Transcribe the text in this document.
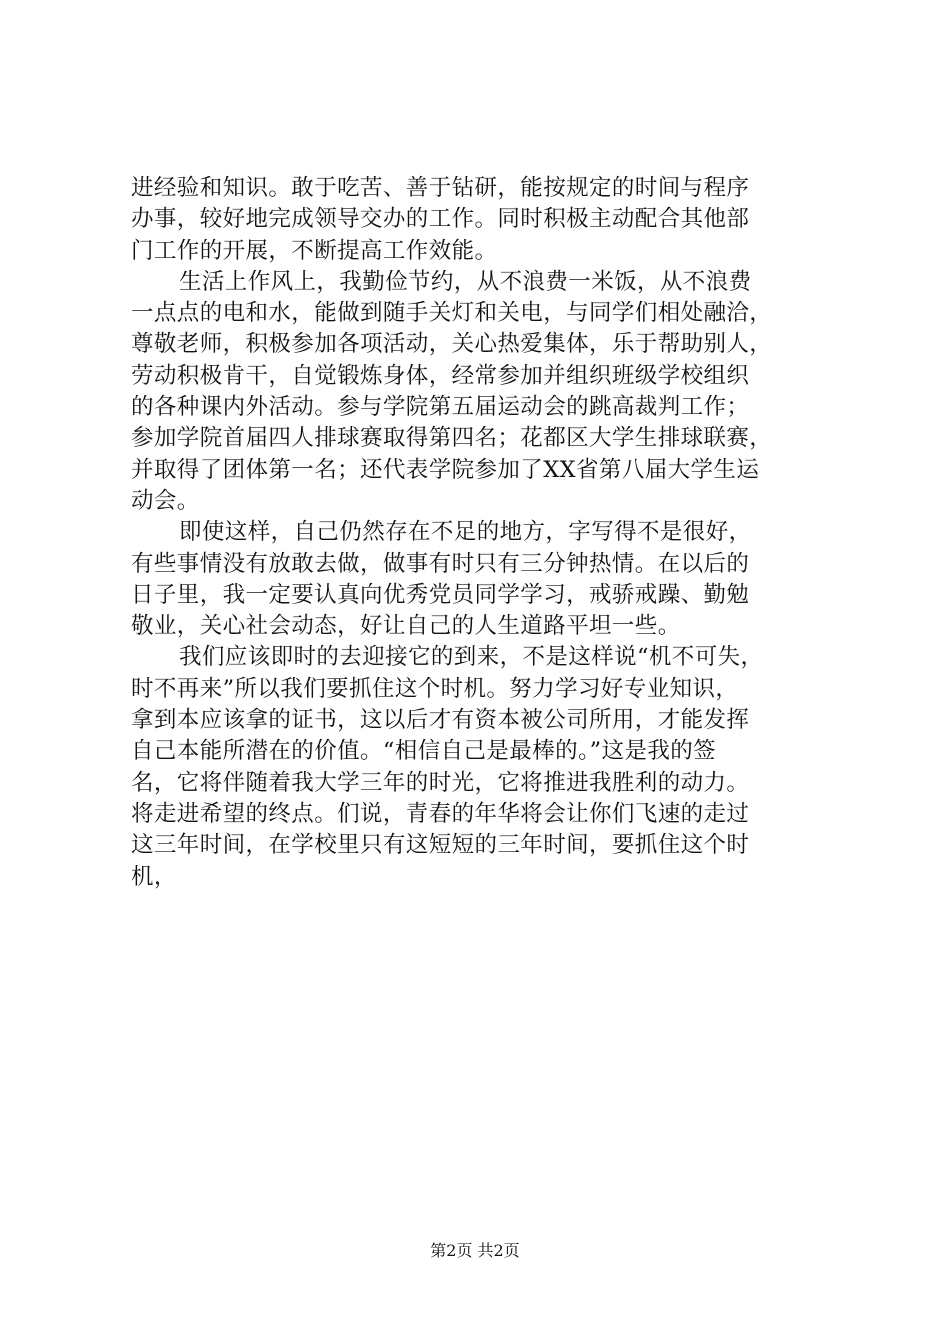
进经验和知识。敢于吃苦、善于钻研，能按规定的时间与程序
办事，较好地完成领导交办的工作。同时积极主动配合其他部
门工作的开展，不断提高工作效能。
生活上作风上，我勤俭节约，从不浪费一米饭，从不浪费
一点点的电和水，能做到随手关灯和关电，与同学们相处融洽，
尊敬老师，积极参加各项活动，关心热爱集体，乐于帮助别人，
劳动积极肯干，自觉锻炼身体，经常参加并组织班级学校组织
的各种课内外活动。参与学院第五届运动会的跳高裁判工作；
参加学院首届四人排球赛取得第四名；花都区大学生排球联赛，
并取得了团体第一名；还代表学院参加了XX省第八届大学生运
动会。
即使这样，自己仍然存在不足的地方，字写得不是很好，
有些事情没有放敢去做，做事有时只有三分钟热情。在以后的
日子里，我一定要认真向优秀党员同学学习，戒骄戒躁、勤勉
敬业，关心社会动态，好让自己的人生道路平坦一些。
我们应该即时的去迎接它的到来，不是这样说“机不可失，
时不再来”所以我们要抓住这个时机。努力学习好专业知识，
拿到本应该拿的证书，这以后才有资本被公司所用，才能发挥
自己本能所潜在的价值。“相信自己是最棒的。”这是我的签
名，它将伴随着我大学三年的时光，它将推进我胜利的动力。
将走进希望的终点。们说，青春的年华将会让你们飞速的走过
这三年时间，在学校里只有这短短的三年时间，要抓住这个时
机，
第2页 共2页
